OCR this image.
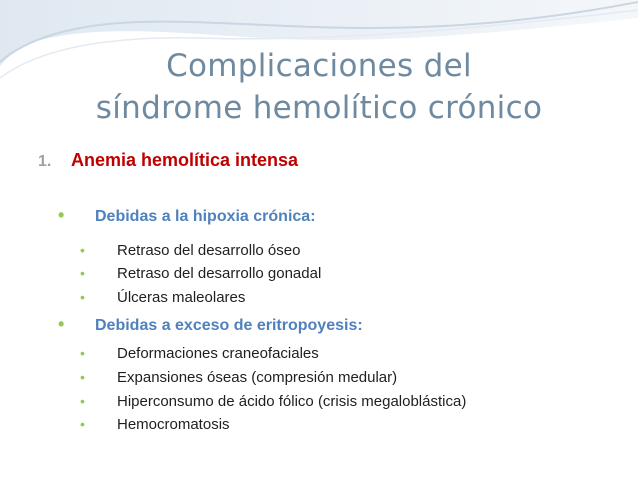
Complicaciones del
síndrome hemolítico crónico
1. Anemia hemolítica intensa
• Debidas a la hipoxia crónica:
• Retraso del desarrollo óseo
• Retraso del desarrollo gonadal
• Úlceras maleolares
• Debidas a exceso de eritropoyesis:
• Deformaciones craneofaciales
• Expansiones óseas (compresión medular)
• Hiperconsumo de ácido fólico (crisis megaloblástica)
• Hemocromatosis
